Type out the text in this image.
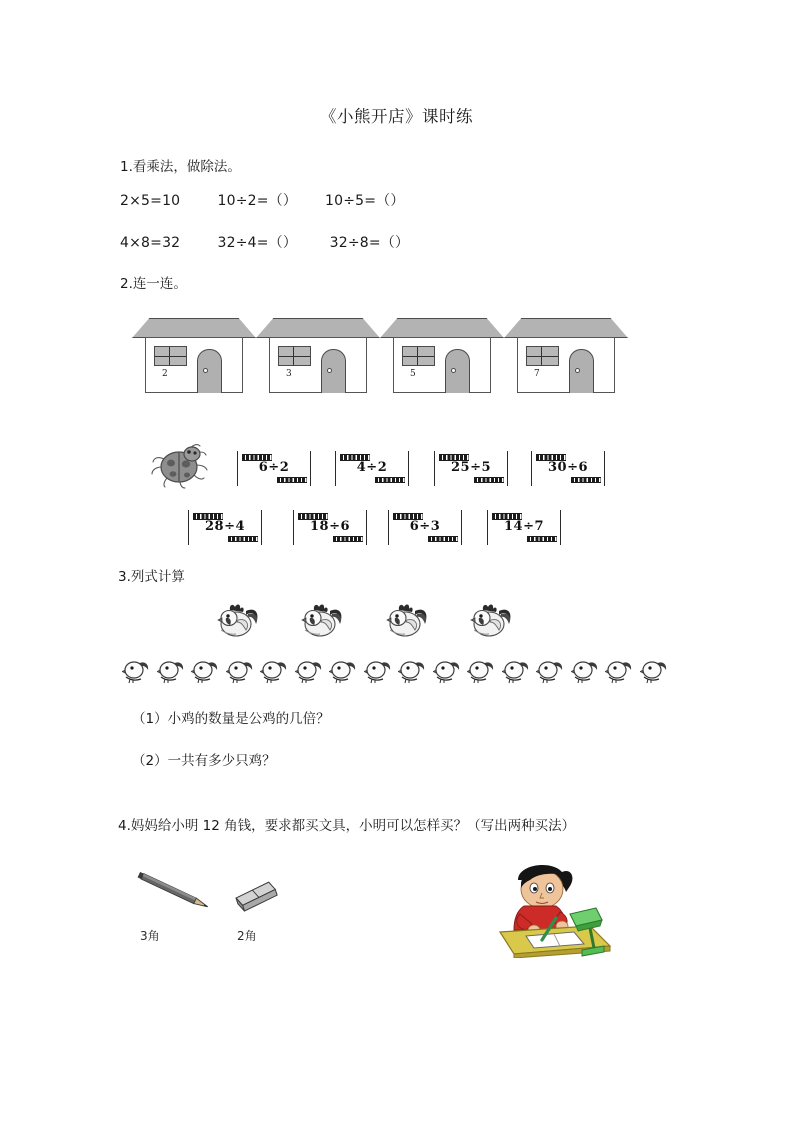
《小熊开店》课时练
1.看乘法，做除法。
2×5=10        10÷2=（）      10÷5=（）
4×8=32        32÷4=（）       32÷8=（）
2.连一连。
2	3	5	7
6÷2	4÷2	25÷5	30÷6
28÷4	18÷6	6÷3	14÷7
3.列式计算
（1）小鸡的数量是公鸡的几倍？
（2）一共有多少只鸡？
4.妈妈给小明 12 角钱，要求都买文具，小明可以怎样买？（写出两种买法）
3角	2角
